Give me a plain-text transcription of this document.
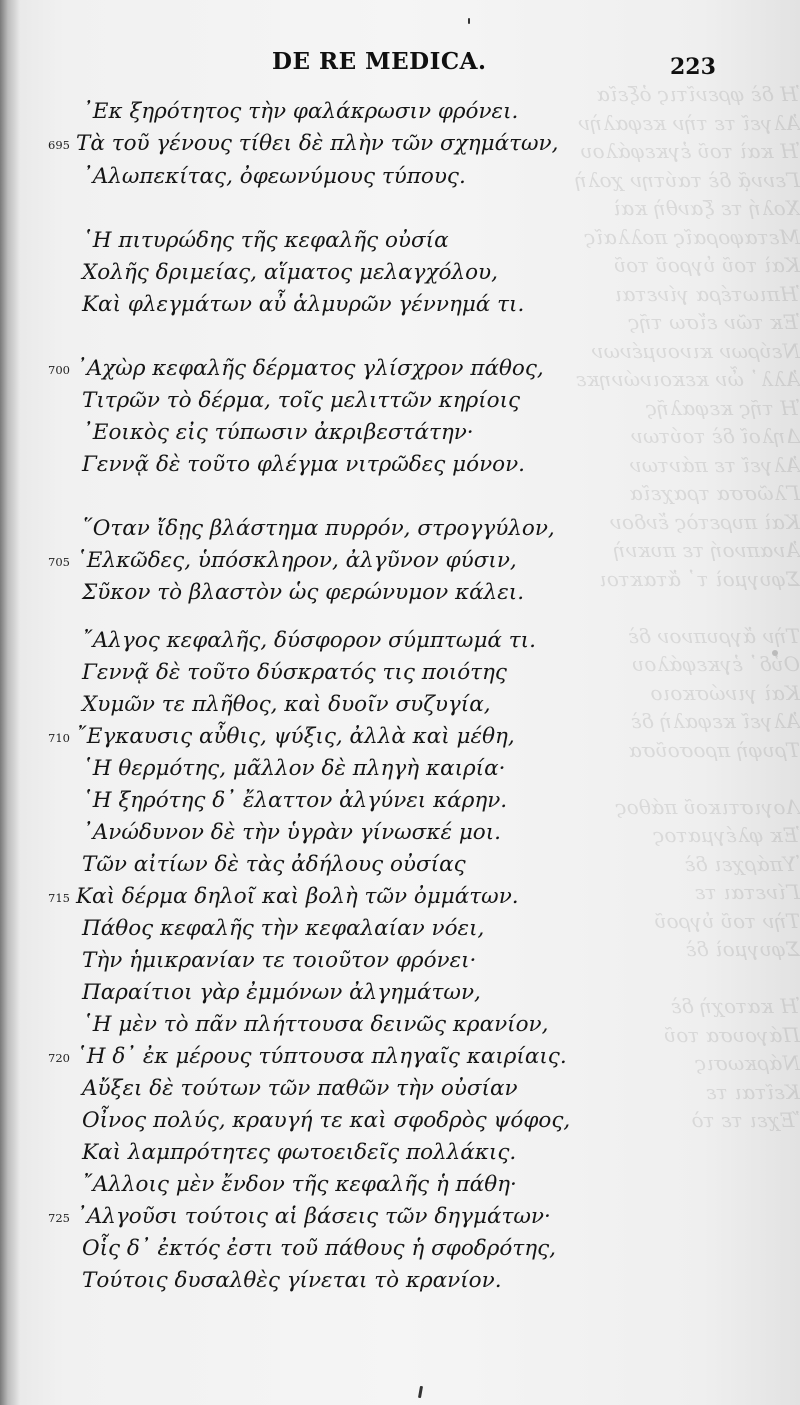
Ἠ δὲ φρενῖτις ὀξεῖα
Ἀλγεῖ τε τὴν κεφαλὴν
Ἡ καὶ τοῦ ἐγκεφάλου
Γεννᾷ δὲ ταύτην χολὴ
Χολή τε ξανθὴ καὶ
Μεταφοραῖς πολλαῖς
Καὶ τοῦ ὑγροῦ τοῦ
Ἠπιωτέρα γίνεται
Ἐκ τῶν εἴσω τῆς
Νεύρων κινουμένων
Ἀλλ᾽ ὧν κεκοινώνηκε
Ἡ τῆς κεφαλῆς
Δηλοῖ δὲ τούτων
Ἀλγεῖ τε πάντων
Γλῶσσα τραχεῖα
Καὶ πυρετὸς ἔνδον
Ἀναπνοή τε πυκνὴ
Σφυγμοὶ τ᾽ ἄτακτοι

Τὴν ἄγρυπνον δὲ
Οὐδ᾽ ἐγκεφάλου
Καὶ γινώσκοιο
Ἀλγεῖ κεφαλὴ δὲ
Τρυφὴ προσοῦσα

Λογιστικοῦ πάθος
Ἐκ φλέγματος
Ὑπάρχει δὲ
Γίνεται τε
Τὴν τοῦ ὑγροῦ
Σφυγμοὶ δὲ

Ἡ κατοχὴ δὲ
Πάγουσα τοῦ
Νάρκωσις
Κεῖται τε
Ἔχει τε τὸ
DE RE MEDICA.	223
᾽Εκ ξηρότητος τὴν φαλάκρωσιν φρόνει.
695 Τὰ τοῦ γένους τίθει δὲ πλὴν τῶν σχημάτων,
᾽Αλωπεκίτας, ὀφεωνύμους τύπους.
῾Η πιτυρώδης τῆς κεφαλῆς οὐσία
Χολῆς δριμείας, αἵματος μελαγχόλου,
Καὶ φλεγμάτων αὖ ἁλμυρῶν γέννημά τι.
700 ᾽Αχὼρ κεφαλῆς δέρματος γλίσχρον πάθος,
Τιτρῶν τὸ δέρμα, τοῖς μελιττῶν κηρίοις
᾽Εοικὸς εἰς τύπωσιν ἀκριβεστάτην·
Γεννᾷ δὲ τοῦτο φλέγμα νιτρῶδες μόνον.
῞Οταν ἴδῃς βλάστημα πυρρόν, στρογγύλον,
705 ῾Ελκῶδες, ὑπόσκληρον, ἀλγῦνον φύσιν,
Σῦκον τὸ βλαστὸν ὡς φερώνυμον κάλει.
῎Αλγος κεφαλῆς, δύσφορον σύμπτωμά τι.
Γεννᾷ δὲ τοῦτο δύσκρατός τις ποιότης
Χυμῶν τε πλῆθος, καὶ δυοῖν συζυγία,
710 ῎Εγκαυσις αὖθις, ψύξις, ἀλλὰ καὶ μέθη,
῾Η θερμότης, μᾶλλον δὲ πληγὴ καιρία·
῾Η ξηρότης δ᾽ ἔλαττον ἀλγύνει κάρην.
᾽Ανώδυνον δὲ τὴν ὑγρὰν γίνωσκέ μοι.
Τῶν αἰτίων δὲ τὰς ἀδήλους οὐσίας
715 Καὶ δέρμα δηλοῖ καὶ βολὴ τῶν ὀμμάτων.
Πάθος κεφαλῆς τὴν κεφαλαίαν νόει,
Τὴν ἡμικρανίαν τε τοιοῦτον φρόνει·
Παραίτιοι γὰρ ἐμμόνων ἀλγημάτων,
῾Η μὲν τὸ πᾶν πλήττουσα δεινῶς κρανίον,
720 ῾Η δ᾽ ἐκ μέρους τύπτουσα πληγαῖς καιρίαις.
Αὔξει δὲ τούτων τῶν παθῶν τὴν οὐσίαν
Οἶνος πολύς, κραυγή τε καὶ σφοδρὸς ψόφος,
Καὶ λαμπρότητες φωτοειδεῖς πολλάκις.
῎Αλλοις μὲν ἔνδον τῆς κεφαλῆς ἡ πάθη·
725 ᾽Αλγοῦσι τούτοις αἱ βάσεις τῶν δηγμάτων·
Οἷς δ᾽ ἐκτός ἐστι τοῦ πάθους ἡ σφοδρότης,
Τούτοις δυσαλθὲς γίνεται τὸ κρανίον.
